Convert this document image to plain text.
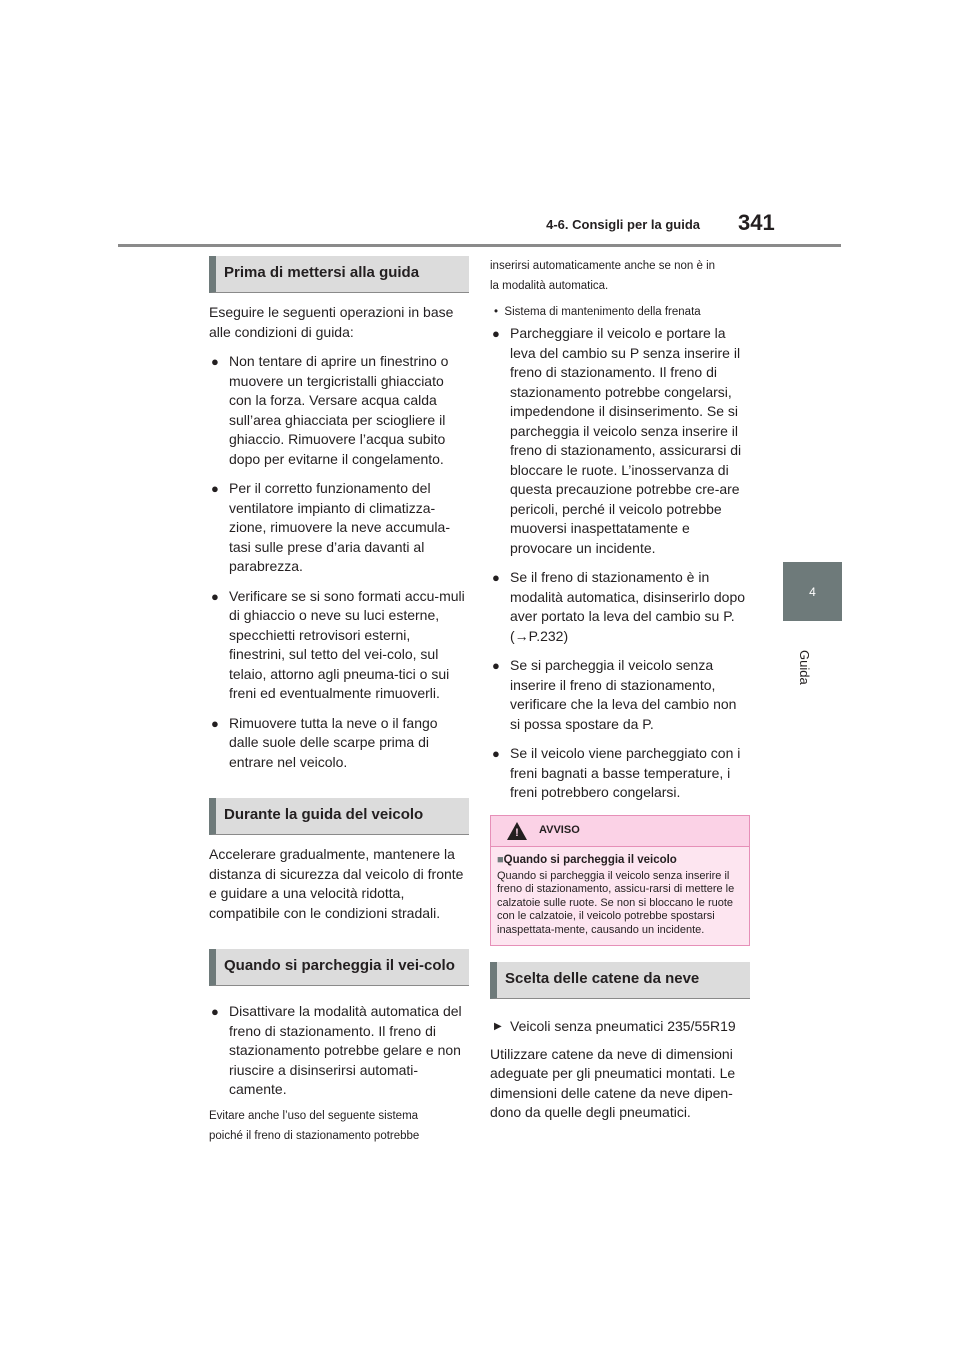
4-6. Consigli per la guida 341
4
Guida
Prima di mettersi alla guida

Eseguire le seguenti operazioni in base alle condizioni di guida:

● Non tentare di aprire un finestrino o muovere un tergicristalli ghiacciato con la forza. Versare acqua calda sull’area ghiacciata per sciogliere il ghiaccio. Rimuovere l’acqua subito dopo per evitarne il congelamento.
● Per il corretto funzionamento del ventilatore impianto di climatizza-zione, rimuovere la neve accumula-tasi sulle prese d’aria davanti al parabrezza.
● Verificare se si sono formati accu-muli di ghiaccio o neve su luci esterne, specchietti retrovisori esterni, finestrini, sul tetto del vei-colo, sul telaio, attorno agli pneuma-tici o sui freni ed eventualmente rimuoverli.
● Rimuovere tutta la neve o il fango dalle suole delle scarpe prima di entrare nel veicolo.
Durante la guida del veicolo

Accelerare gradualmente, mantenere la distanza di sicurezza dal veicolo di fronte e guidare a una velocità ridotta, compatibile con le condizioni stradali.

Quando si parcheggia il vei-colo
● Disattivare la modalità automatica del freno di stazionamento. Il freno di stazionamento potrebbe gelare e non riuscire a disinserirsi automati-camente.

Evitare anche l’uso del seguente sistema

poiché il freno di stazionamento potrebbe

inserirsi automaticamente anche se non è in

la modalità automatica.

• Sistema di mantenimento della frenata

● Parcheggiare il veicolo e portare la leva del cambio su P senza inserire il freno di stazionamento. Il freno di stazionamento potrebbe congelarsi, impedendone il disinserimento. Se si parcheggia il veicolo senza inserire il freno di stazionamento, assicurarsi di bloccare le ruote. L’inosservanza di questa precauzione potrebbe cre-are pericoli, perché il veicolo potrebbe muoversi inaspettatamente e provocare un incidente.
● Se il freno di stazionamento è in modalità automatica, disinserirlo dopo aver portato la leva del cambio su P.(→P.232)
● Se si parcheggia il veicolo senza inserire il freno di stazionamento, verificare che la leva del cambio non si possa spostare da P.
● Se il veicolo viene parcheggiato con i freni bagnati a basse temperature, i freni potrebbero congelarsi.
! AVVISO
■Quando si parcheggia il veicolo
Quando si parcheggia il veicolo senza inserire il freno di stazionamento, assicu-rarsi di mettere le calzatoie sulle ruote. Se non si bloccano le ruote con le calzatoie, il veicolo potrebbe spostarsi inaspettata-mente, causando un incidente.
Scelta delle catene da neve
▶ Veicoli senza pneumatici 235/55R19

Utilizzare catene da neve di dimensioni adeguate per gli pneumatici montati. Le dimensioni delle catene da neve dipen-dono da quelle degli pneumatici.
